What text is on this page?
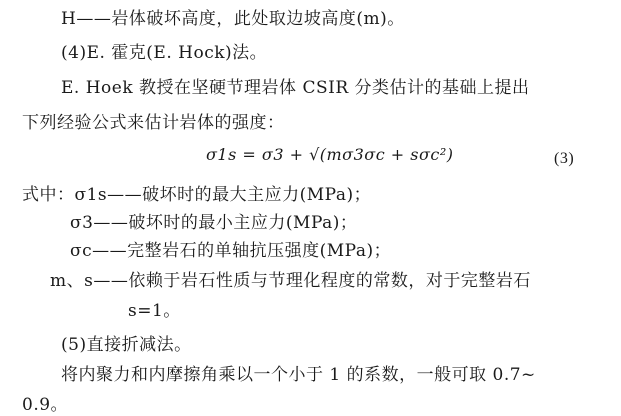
H——岩体破坏高度，此处取边坡高度(m)。
(4)E. 霍克(E. Hock)法。
E. Hoek 教授在坚硬节理岩体 CSIR 分类估计的基础上提出
下列经验公式来估计岩体的强度：
σ1s = σ3 + √(mσ3σc + sσc²)	(3)
式中：σ1s——破坏时的最大主应力(MPa)；
σ3——破坏时的最小主应力(MPa)；
σc——完整岩石的单轴抗压强度(MPa)；
m、s——依赖于岩石性质与节理化程度的常数，对于完整岩石
s=1。
(5)直接折减法。
将内聚力和内摩擦角乘以一个小于 1 的系数，一般可取 0.7~
0.9。
